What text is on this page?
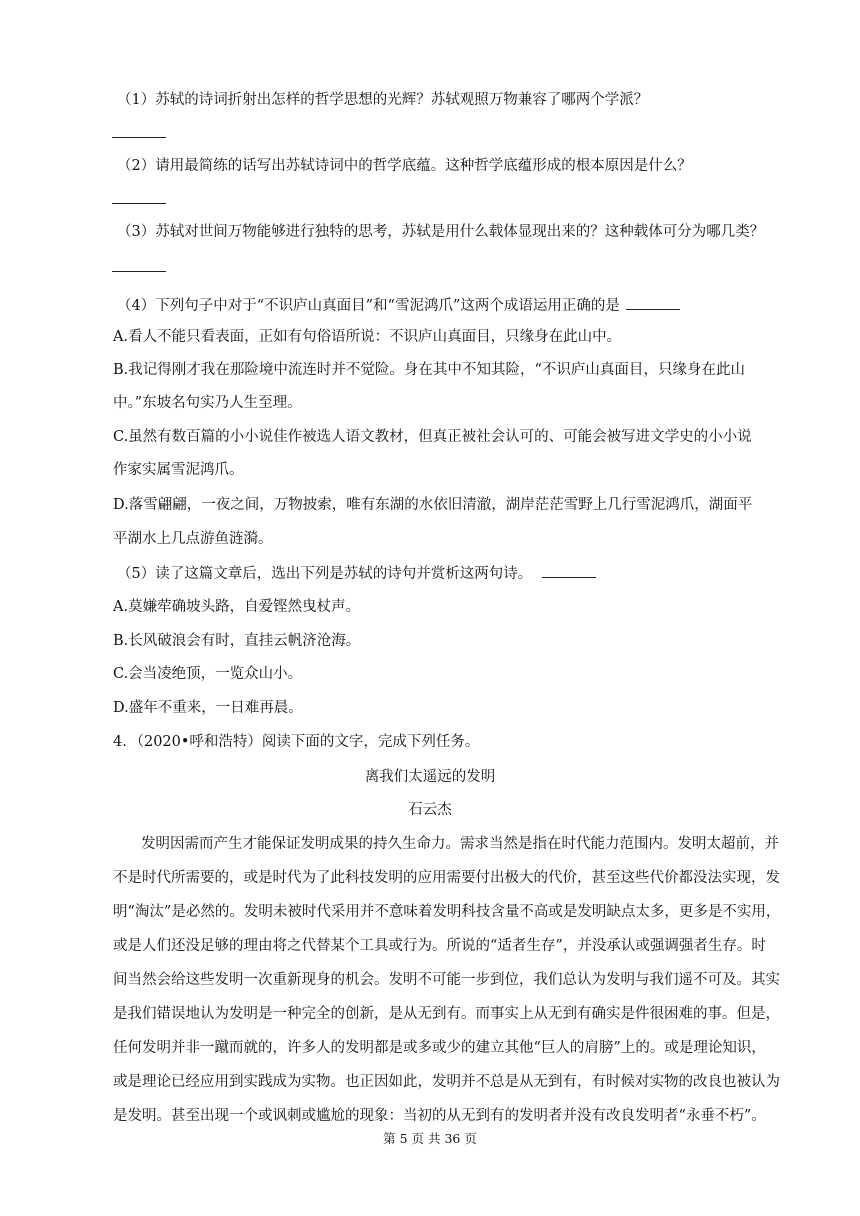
（1）苏轼的诗词折射出怎样的哲学思想的光辉？苏轼观照万物兼容了哪两个学派？
（2）请用最简练的话写出苏轼诗词中的哲学底蕴。这种哲学底蕴形成的根本原因是什么？
（3）苏轼对世间万物能够进行独特的思考，苏轼是用什么载体显现出来的？这种载体可分为哪几类？
（4）下列句子中对于“不识庐山真面目”和“雪泥鸿爪”这两个成语运用正确的是
A.看人不能只看表面，正如有句俗语所说：不识庐山真面目，只缘身在此山中。
B.我记得刚才我在那险境中流连时并不觉险。身在其中不知其险，“不识庐山真面目，只缘身在此山
中。”东坡名句实乃人生至理。
C.虽然有数百篇的小小说佳作被选人语文教材，但真正被社会认可的、可能会被写进文学史的小小说
作家实属雪泥鸿爪。
D.落雪翩翩，一夜之间，万物披索，唯有东湖的水依旧清澈，湖岸茫茫雪野上几行雪泥鸿爪，湖面平
平湖水上几点游鱼涟漪。
（5）读了这篇文章后，选出下列是苏轼的诗句并赏析这两句诗。
A.莫嫌荦确坡头路，自爱铿然曳杖声。
B.长风破浪会有时，直挂云帆济沧海。
C.会当凌绝顶，一览众山小。
D.盛年不重来，一日难再晨。
4．（2020•呼和浩特）阅读下面的文字，完成下列任务。
离我们太遥远的发明
石云杰
发明因需而产生才能保证发明成果的持久生命力。需求当然是指在时代能力范围内。发明太超前，并
不是时代所需要的，或是时代为了此科技发明的应用需要付出极大的代价，甚至这些代价都没法实现，发
明“淘汰”是必然的。发明未被时代采用并不意味着发明科技含量不高或是发明缺点太多，更多是不实用，
或是人们还没足够的理由将之代替某个工具或行为。所说的“适者生存”，并没承认或强调强者生存。时
间当然会给这些发明一次重新现身的机会。发明不可能一步到位，我们总认为发明与我们遥不可及。其实
是我们错误地认为发明是一种完全的创新，是从无到有。而事实上从无到有确实是件很困难的事。但是，
任何发明并非一蹴而就的，许多人的发明都是或多或少的建立其他“巨人的肩膀”上的。或是理论知识，
或是理论已经应用到实践成为实物。也正因如此，发明并不总是从无到有，有时候对实物的改良也被认为
是发明。甚至出现一个或讽刺或尴尬的现象：当初的从无到有的发明者并没有改良发明者“永垂不朽”。
第 5 页 共 36 页
